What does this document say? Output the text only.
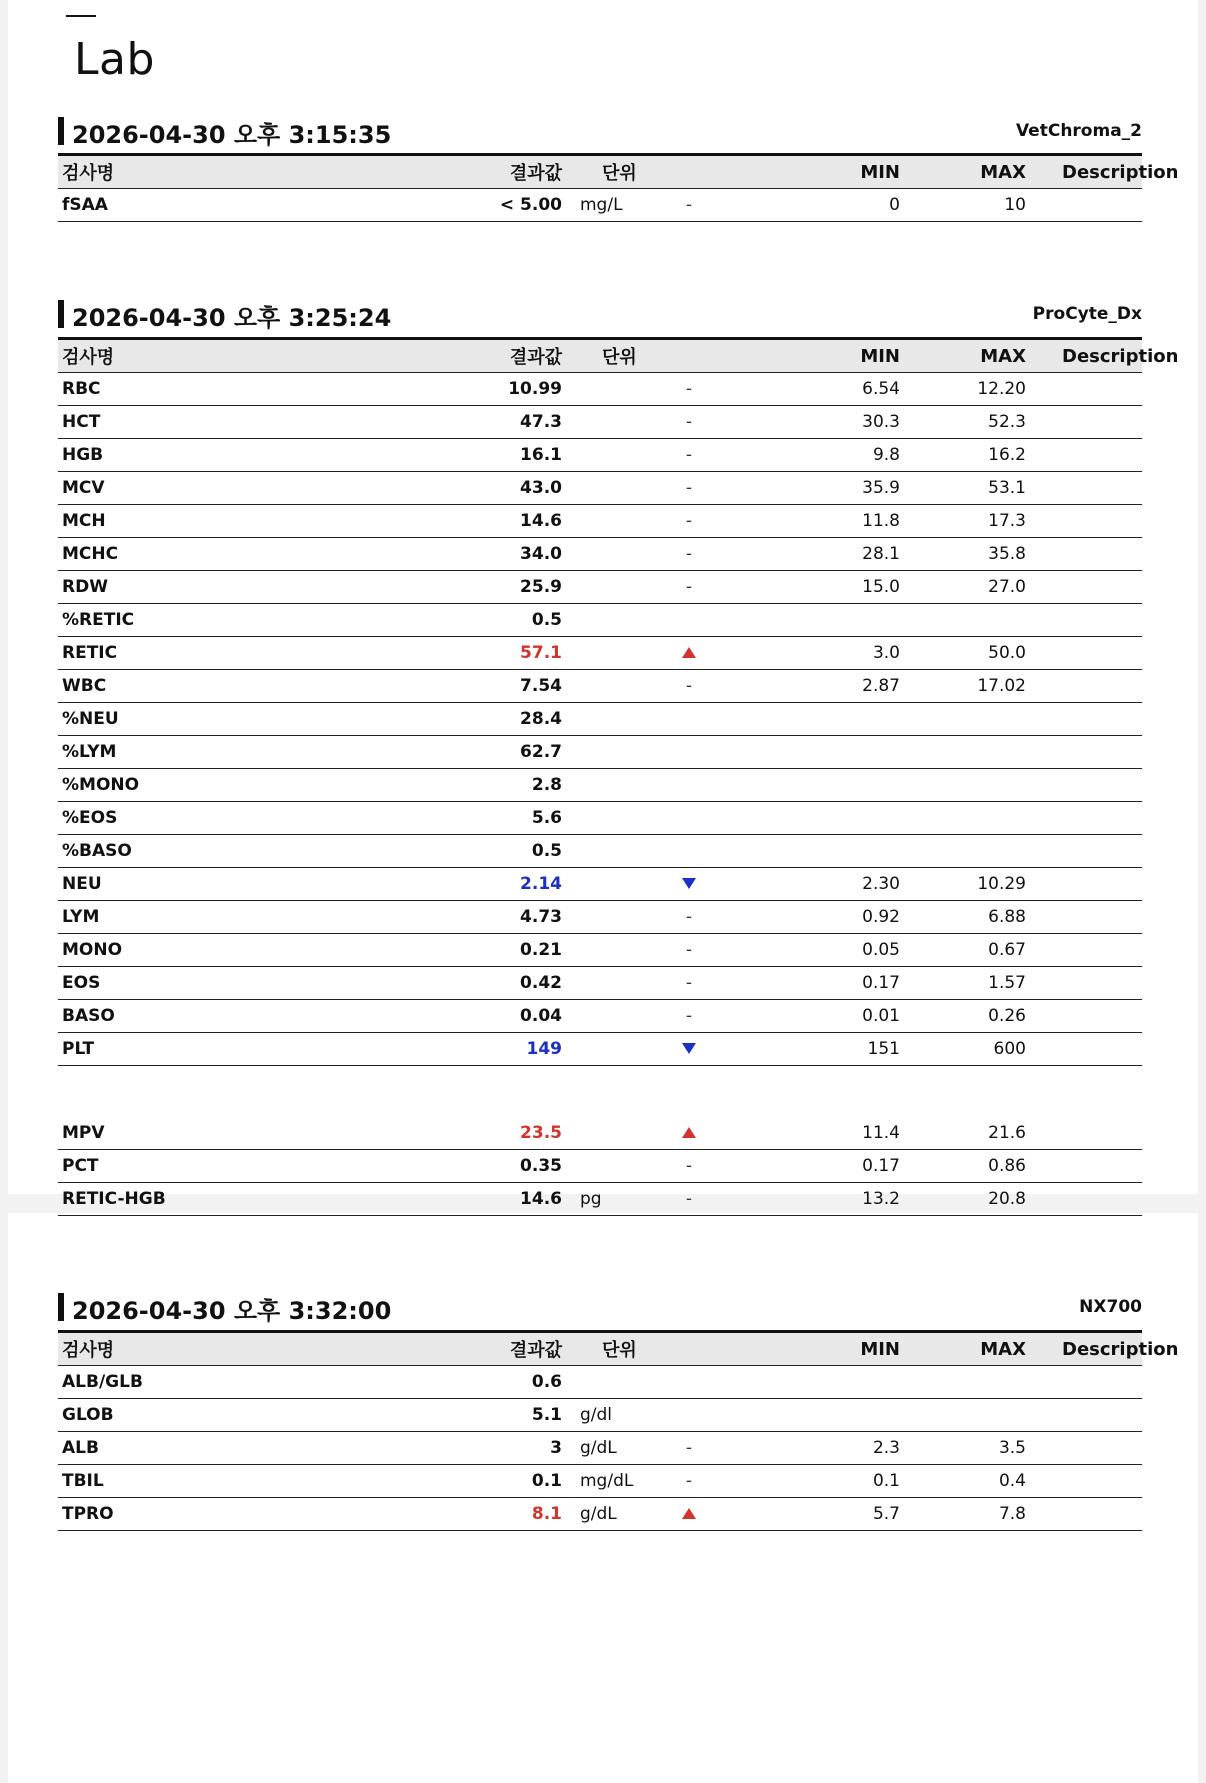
Lab
2026-04-30 오후 3:15:35	VetChroma_2
검사명	결과값	단위		MIN	MAX	Description
fSAA	< 5.00	mg/L	-	0	10	
2026-04-30 오후 3:25:24	ProCyte_Dx
검사명	결과값	단위		MIN	MAX	Description
RBC	10.99		-	6.54	12.20	
HCT	47.3		-	30.3	52.3	
HGB	16.1		-	9.8	16.2	
MCV	43.0		-	35.9	53.1	
MCH	14.6		-	11.8	17.3	
MCHC	34.0		-	28.1	35.8	
RDW	25.9		-	15.0	27.0	
%RETIC	0.5					
RETIC	57.1			3.0	50.0	
WBC	7.54		-	2.87	17.02	
%NEU	28.4					
%LYM	62.7					
%MONO	2.8					
%EOS	5.6					
%BASO	0.5					
NEU	2.14			2.30	10.29	
LYM	4.73		-	0.92	6.88	
MONO	0.21		-	0.05	0.67	
EOS	0.42		-	0.17	1.57	
BASO	0.04		-	0.01	0.26	
PLT	149			151	600	
MPV	23.5			11.4	21.6	
PCT	0.35		-	0.17	0.86	
RETIC-HGB	14.6	pg	-	13.2	20.8	
2026-04-30 오후 3:32:00	NX700
검사명	결과값	단위		MIN	MAX	Description
ALB/GLB	0.6					
GLOB	5.1	g/dl				
ALB	3	g/dL	-	2.3	3.5	
TBIL	0.1	mg/dL	-	0.1	0.4	
TPRO	8.1	g/dL		5.7	7.8	
